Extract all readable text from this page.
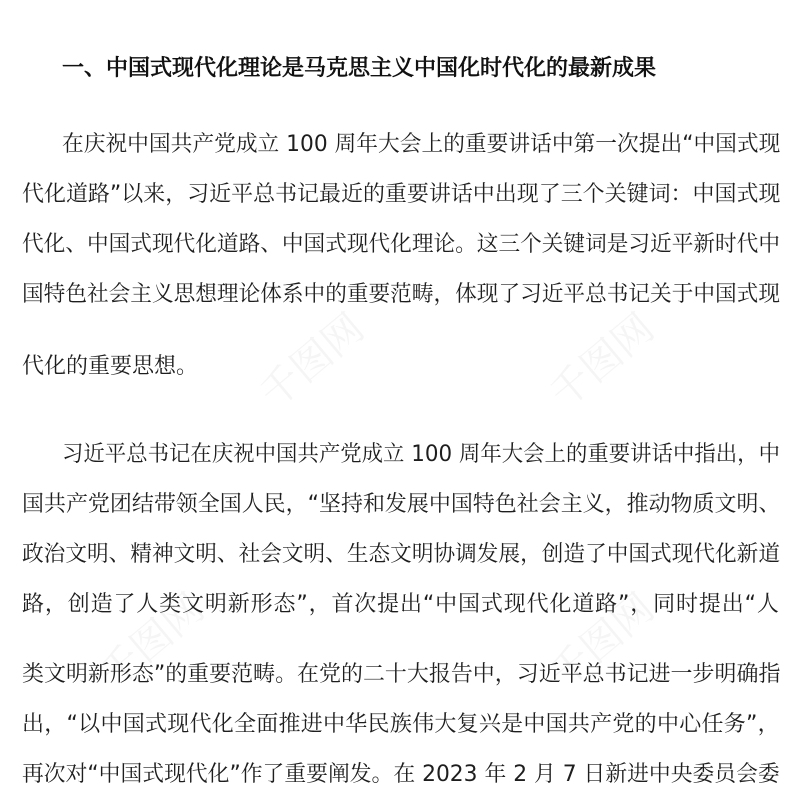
千图网	千图网
千图网	千图网
一、中国式现代化理论是马克思主义中国化时代化的最新成果
在庆祝中国共产党成立 100 周年大会上的重要讲话中第一次提出“中国式现
代化道路”以来，习近平总书记最近的重要讲话中出现了三个关键词：中国式现
代化、中国式现代化道路、中国式现代化理论。这三个关键词是习近平新时代中
国特色社会主义思想理论体系中的重要范畴，体现了习近平总书记关于中国式现
代化的重要思想。
习近平总书记在庆祝中国共产党成立 100 周年大会上的重要讲话中指出，中
国共产党团结带领全国人民，“坚持和发展中国特色社会主义，推动物质文明、
政治文明、精神文明、社会文明、生态文明协调发展，创造了中国式现代化新道
路，创造了人类文明新形态”，首次提出“中国式现代化道路”，同时提出“人
类文明新形态”的重要范畴。在党的二十大报告中，习近平总书记进一步明确指
出，“以中国式现代化全面推进中华民族伟大复兴是中国共产党的中心任务”，
再次对“中国式现代化”作了重要阐发。在 2023 年 2 月 7 日新进中央委员会委
